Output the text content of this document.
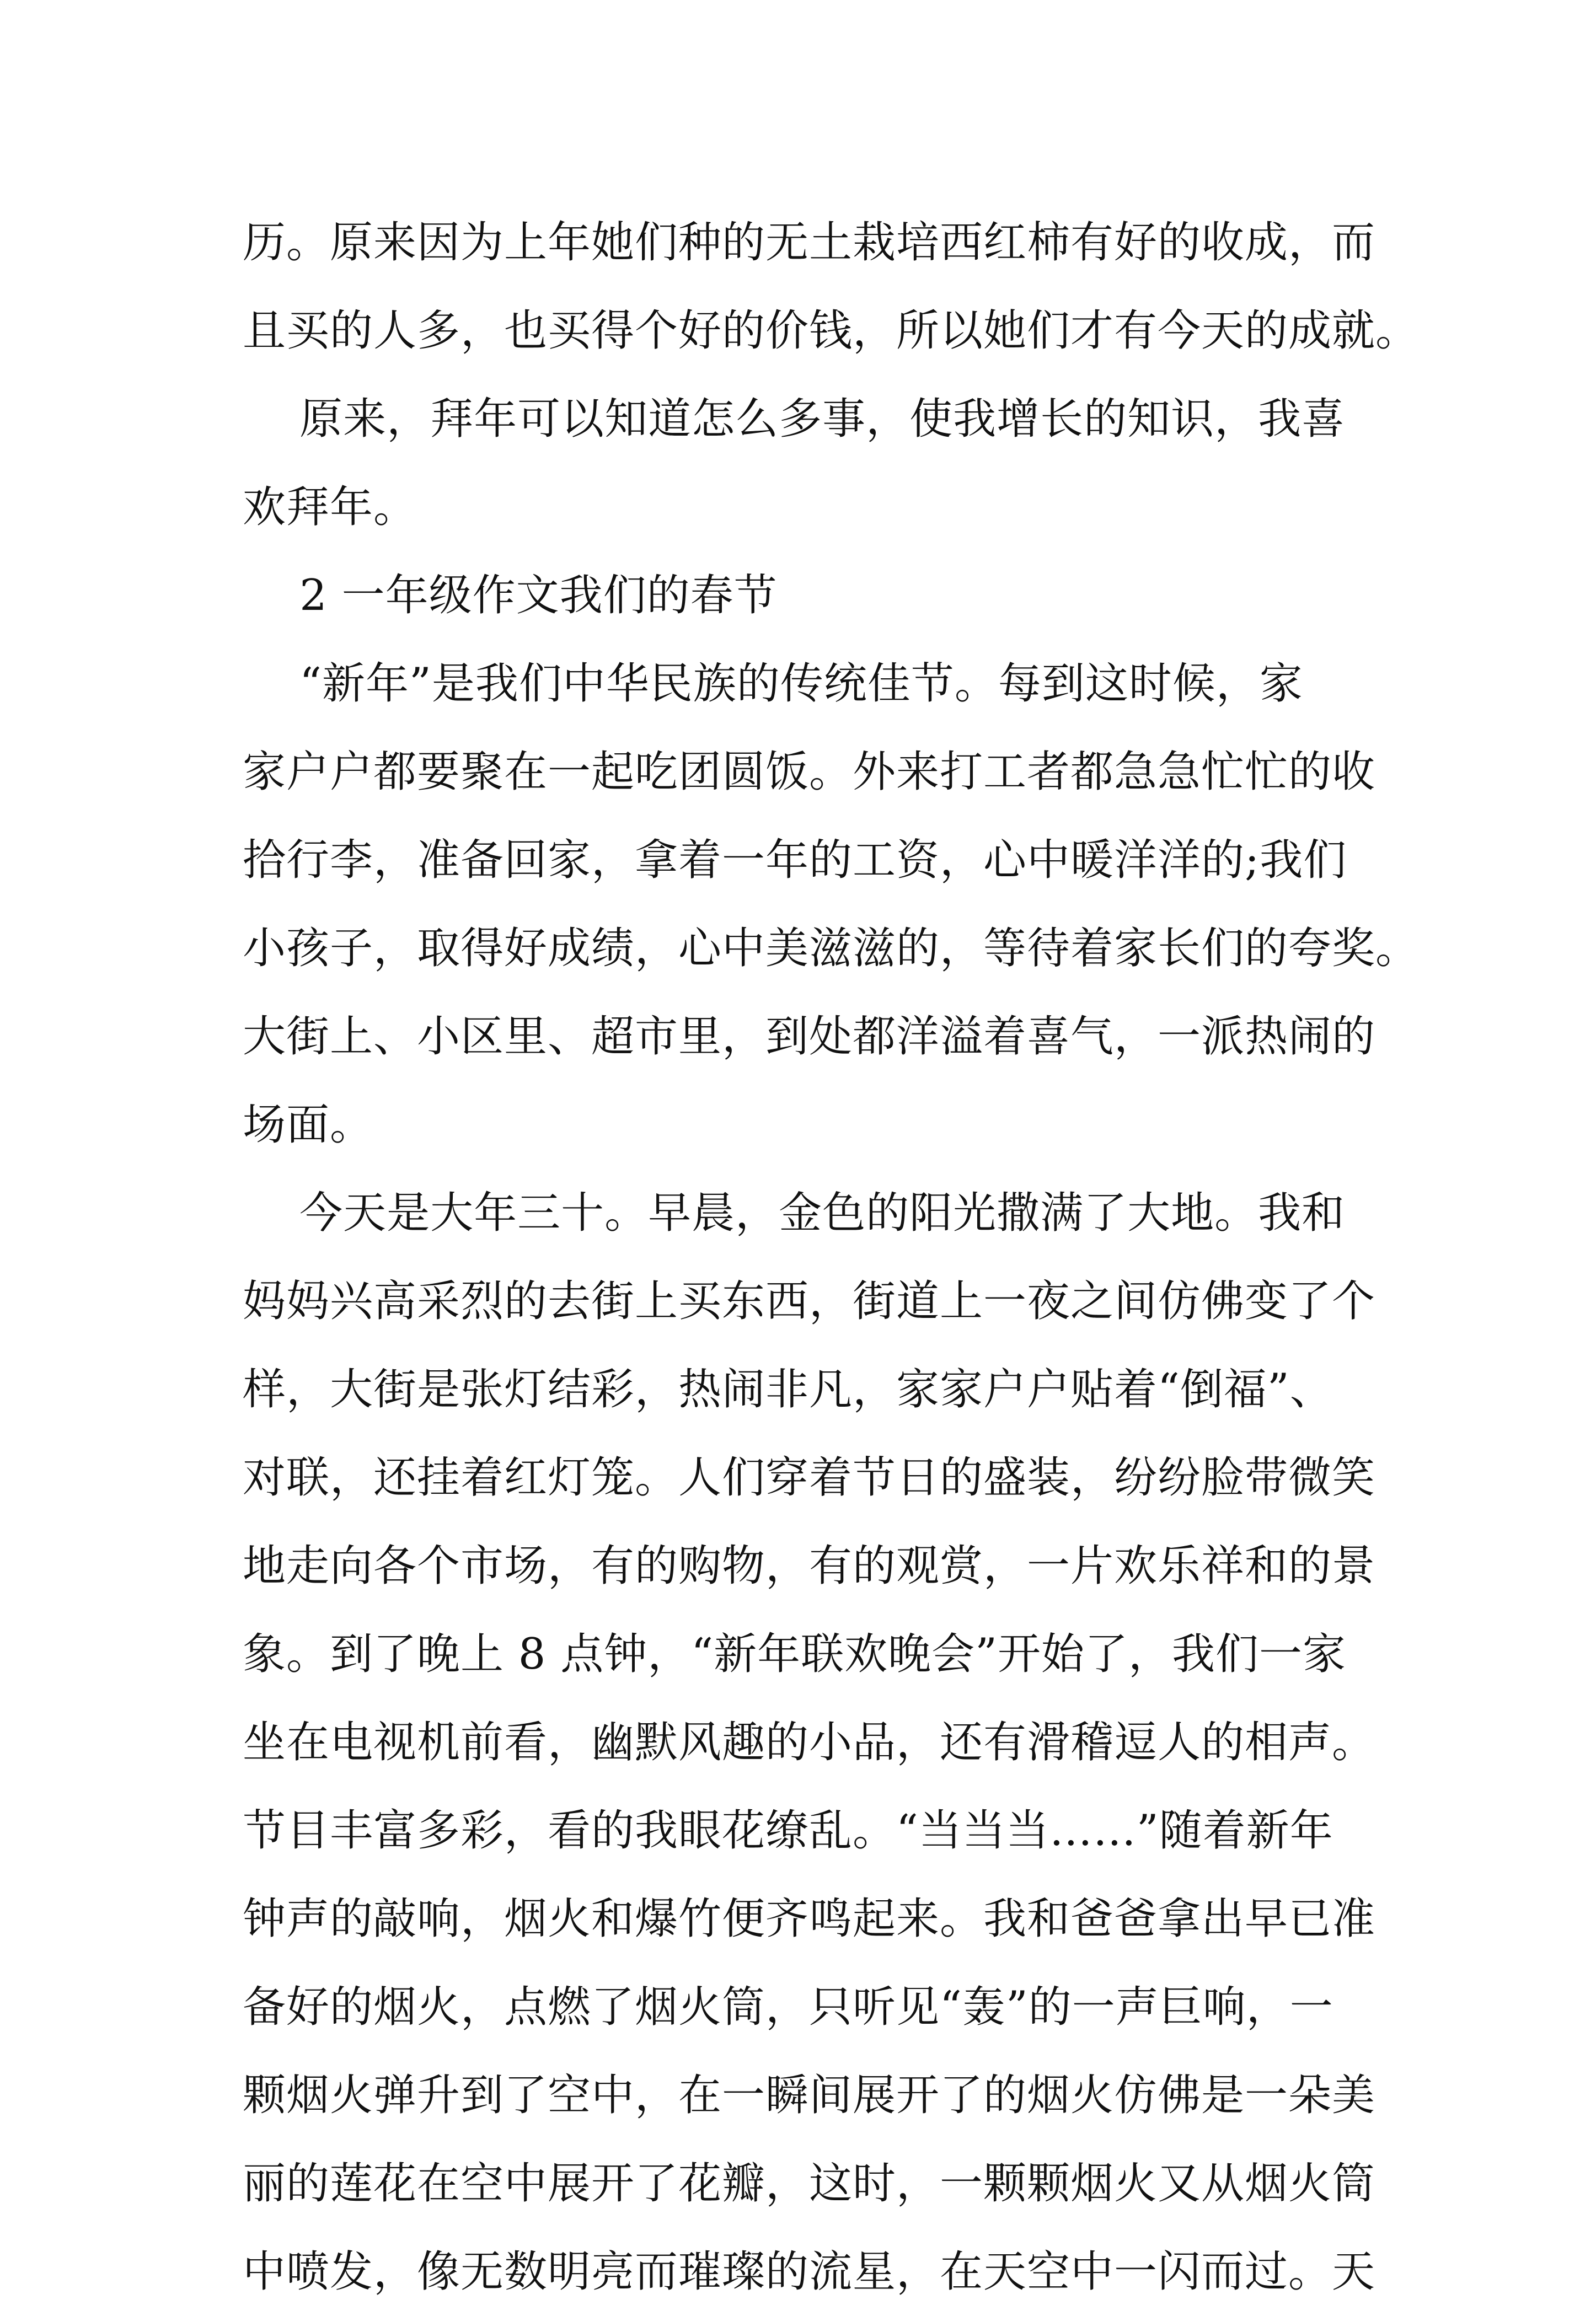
历。原来因为上年她们种的无土栽培西红柿有好的收成，而
且买的人多，也买得个好的价钱，所以她们才有今天的成就。
原来，拜年可以知道怎么多事，使我增长的知识，我喜
欢拜年。
2 一年级作文我们的春节
“新年”是我们中华民族的传统佳节。每到这时候，家
家户户都要聚在一起吃团圆饭。外来打工者都急急忙忙的收
拾行李，准备回家，拿着一年的工资，心中暖洋洋的;我们
小孩子，取得好成绩，心中美滋滋的，等待着家长们的夸奖。
大街上、小区里、超市里，到处都洋溢着喜气，一派热闹的
场面。
今天是大年三十。早晨，金色的阳光撒满了大地。我和
妈妈兴高采烈的去街上买东西，街道上一夜之间仿佛变了个
样，大街是张灯结彩，热闹非凡，家家户户贴着“倒福”、
对联，还挂着红灯笼。人们穿着节日的盛装，纷纷脸带微笑
地走向各个市场，有的购物，有的观赏，一片欢乐祥和的景
象。到了晚上 8 点钟，“新年联欢晚会”开始了，我们一家
坐在电视机前看，幽默风趣的小品，还有滑稽逗人的相声。
节目丰富多彩，看的我眼花缭乱。“当当当……”随着新年
钟声的敲响，烟火和爆竹便齐鸣起来。我和爸爸拿出早已准
备好的烟火，点燃了烟火筒，只听见“轰”的一声巨响，一
颗烟火弹升到了空中，在一瞬间展开了的烟火仿佛是一朵美
丽的莲花在空中展开了花瓣，这时，一颗颗烟火又从烟火筒
中喷发，像无数明亮而璀璨的流星，在天空中一闪而过。天
